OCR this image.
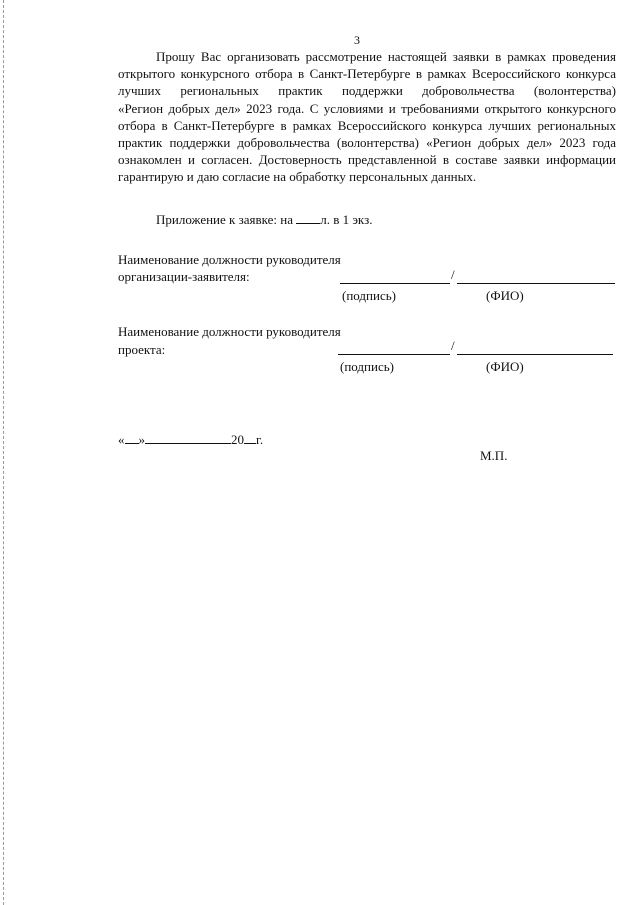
3
Прошу Вас организовать рассмотрение настоящей заявки в рамках проведения
открытого конкурсного отбора в Санкт-Петербурге в рамках Всероссийского конкурса
лучших региональных практик поддержки добровольчества (волонтерства)
«Регион добрых дел» 2023 года. С условиями и требованиями открытого конкурсного
отбора в Санкт-Петербурге в рамках Всероссийского конкурса лучших региональных
практик поддержки добровольчества (волонтерства) «Регион добрых дел» 2023 года
ознакомлен и согласен. Достоверность представленной в составе заявки информации
гарантирую и даю согласие на обработку персональных данных.
Приложение к заявке: на л. в 1 экз.
Наименование должности руководителя
организации-заявителя:	/
(подпись)	(ФИО)
Наименование должности руководителя
проекта:	/
(подпись)	(ФИО)
« »	20 г.
М.П.
